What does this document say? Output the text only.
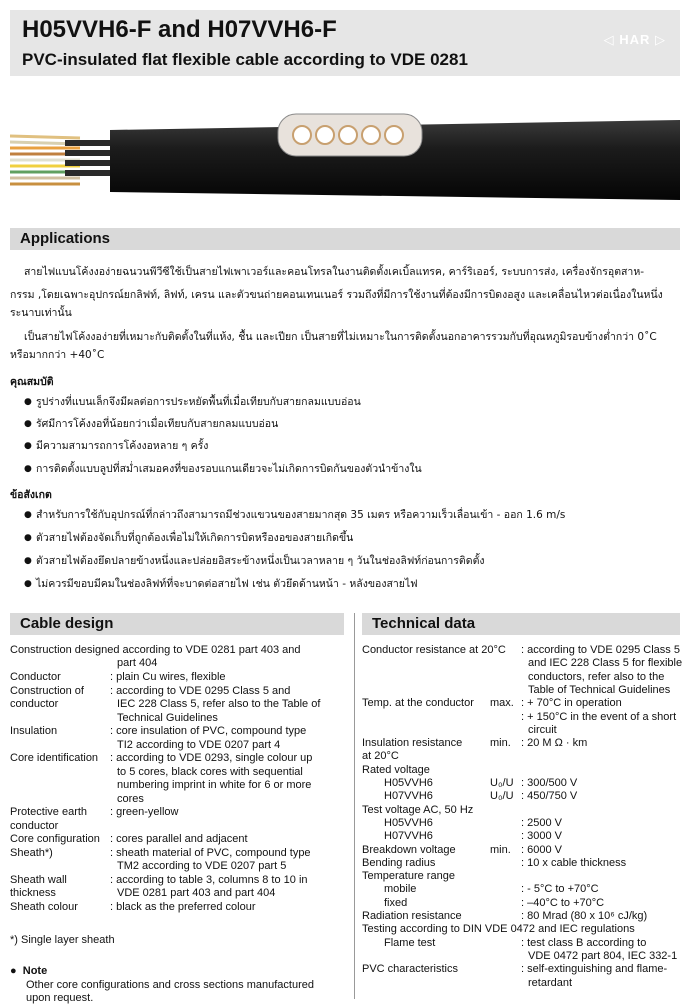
H05VVH6-F and H07VVH6-F
PVC-insulated flat flexible cable according to VDE 0281
◁ HAR ▷
Applications
สายไฟแบนโค้งงอง่ายฉนวนพีวีซีใช้เป็นสายไฟเพาเวอร์และคอนโทรลในงานติดตั้งเคเบิ้ลแทรค, คาร์ริเออร์, ระบบการส่ง, เครื่องจักรอุตสาห-
กรรม ,โดยเฉพาะอุปกรณ์ยกลิฟท์, ลิฟท์, เครน และตัวขนถ่ายคอนเทนเนอร์ รวมถึงที่มีการใช้งานที่ต้องมีการบิดงอสูง และเคลื่อนไหวต่อเนื่องในหนึ่ง
ระนาบเท่านั้น
เป็นสายไฟโค้งงอง่ายที่เหมาะกับติดตั้งในที่แห้ง, ชื้น และเปียก เป็นสายที่ไม่เหมาะในการติดตั้งนอกอาคารรวมกับที่อุณหภูมิรอบข้างต่ำกว่า 0˚C
หรือมากกว่า +40˚C
คุณสมบัติ
● รูปร่างที่แบนเล็กจึงมีผลต่อการประหยัดพื้นที่เมื่อเทียบกับสายกลมแบบอ่อน
● รัศมีการโค้งงอที่น้อยกว่าเมื่อเทียบกับสายกลมแบบอ่อน
● มีความสามารถการโค้งงอหลาย ๆ ครั้ง
● การติดตั้งแบบลูปที่สม่ำเสมอคงที่ของรอบแกนเดียวจะไม่เกิดการบิดกันของตัวนำข้างใน
ข้อสังเกต
● สำหรับการใช้กับอุปกรณ์ที่กล่าวถึงสามารถมีช่วงแขวนของสายมากสุด 35 เมตร หรือความเร็วเลื่อนเข้า - ออก 1.6 m/s
● ตัวสายไฟต้องจัดเก็บที่ถูกต้องเพื่อไม่ให้เกิดการบิดหรืองอของสายเกิดขึ้น
● ตัวสายไฟต้องยึดปลายข้างหนึ่งและปล่อยอิสระข้างหนึ่งเป็นเวลาหลาย ๆ วันในช่องลิฟท์ก่อนการติดตั้ง
● ไม่ควรมีขอบมีคมในช่องลิฟท์ที่จะบาดต่อสายไฟ เช่น ตัวยึดด้านหน้า - หลังของสายไฟ
Cable design
Construction designed according to VDE 0281 part 403 and
part 404
Conductor	: plain Cu wires, flexible
Construction of : according to VDE 0295 Class 5 and
conductor	IEC 228 Class 5, refer also to the Table of
Technical Guidelines
Insulation	: core insulation of PVC, compound type
TI2 according to VDE 0207 part 4
Core identification : according to VDE 0293, single colour up
to 5 cores, black cores with sequential
numbering imprint in white for 6 or more
cores
Protective earth : green-yellow
conductor
Core configuration : cores parallel and adjacent
Sheath*)	: sheath material of PVC, compound type
TM2 according to VDE 0207 part 5
Sheath wall	: according to table 3, columns 8 to 10 in
thickness	VDE 0281 part 403 and part 404
Sheath colour	: black as the preferred colour
*) Single layer sheath
●  Note
Other core configurations and cross sections manufactured
upon request.
Technical data
Conductor resistance at 20°C : according to VDE 0295 Class 5
and IEC 228 Class 5 for flexible
conductors, refer also to the
Table of Technical Guidelines
Temp. at the conductor max. : + 70°C in operation
: + 150°C in the event of a short
circuit
Insulation resistance	min. : 20 M Ω · km
at 20°C
Rated voltage
H05VVH6	U₀/U : 300/500 V
H07VVH6	U₀/U : 450/750 V
Test voltage AC, 50 Hz
H05VVH6	: 2500 V
H07VVH6	: 3000 V
Breakdown voltage	min. : 6000 V
Bending radius	: 10 x cable thickness
Temperature range
mobile	: - 5°C to +70°C
fixed	: –40°C to +70°C
Radiation resistance	: 80 Mrad (80 x 10⁶ cJ/kg)
Testing according to DIN VDE 0472 and IEC regulations
Flame test	: test class B according to
VDE 0472 part 804, IEC 332-1
PVC characteristics	: self-extinguishing and flame-
retardant
